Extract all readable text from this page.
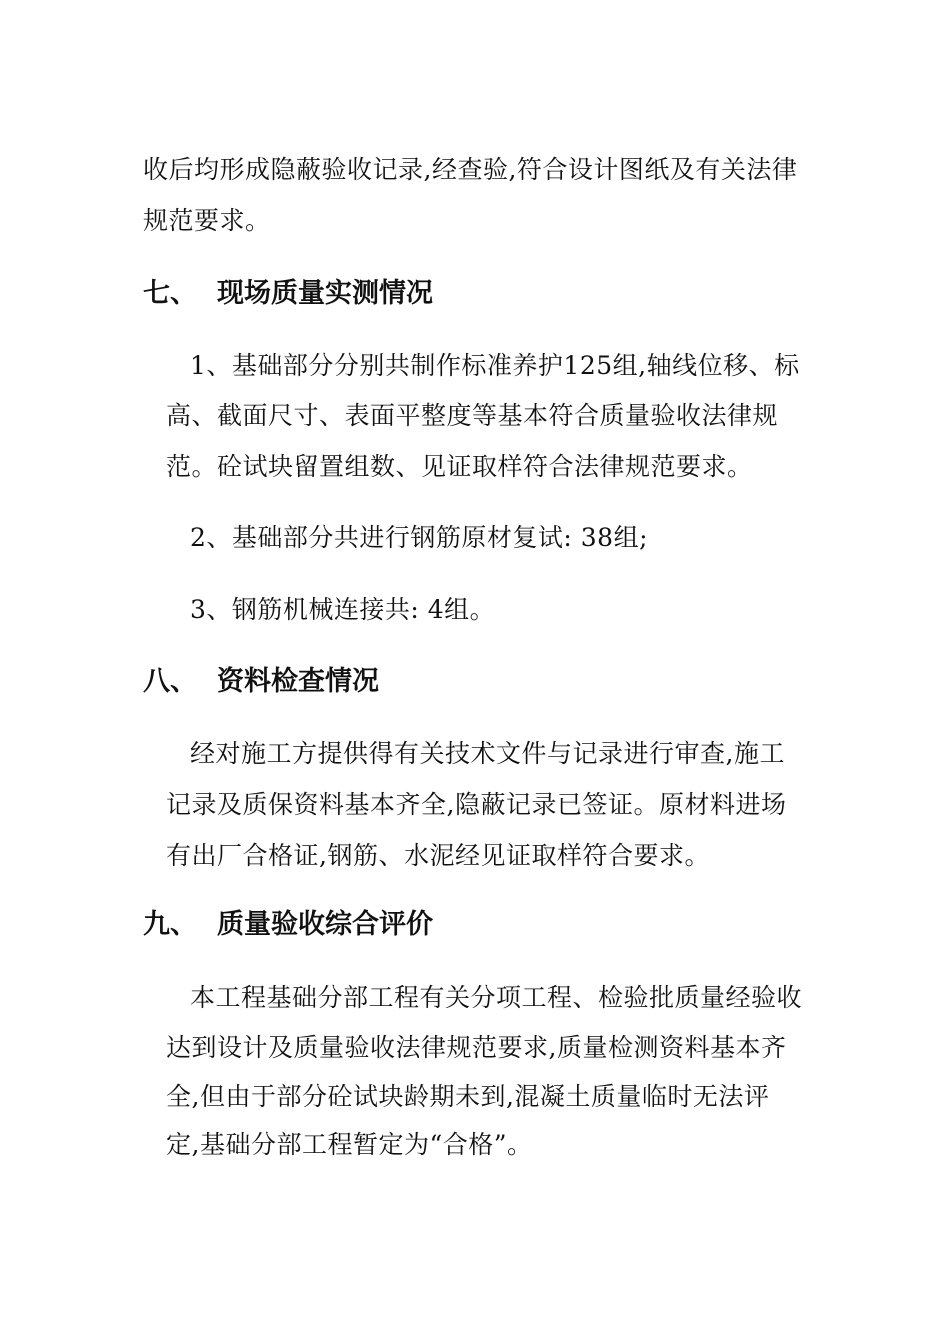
收后均形成隐蔽验收记录,经查验,符合设计图纸及有关法律
规范要求。
七、 现场质量实测情况
1、基础部分分别共制作标准养护125组,轴线位移、标
高、截面尺寸、表面平整度等基本符合质量验收法律规
范。砼试块留置组数、见证取样符合法律规范要求。
2、基础部分共进行钢筋原材复试: 38组;
3、钢筋机械连接共: 4组。
八、 资料检查情况
经对施工方提供得有关技术文件与记录进行审查,施工
记录及质保资料基本齐全,隐蔽记录已签证。原材料进场
有出厂合格证,钢筋、水泥经见证取样符合要求。
九、 质量验收综合评价
本工程基础分部工程有关分项工程、检验批质量经验收
达到设计及质量验收法律规范要求,质量检测资料基本齐
全,但由于部分砼试块龄期未到,混凝土质量临时无法评
定,基础分部工程暂定为“合格”。
